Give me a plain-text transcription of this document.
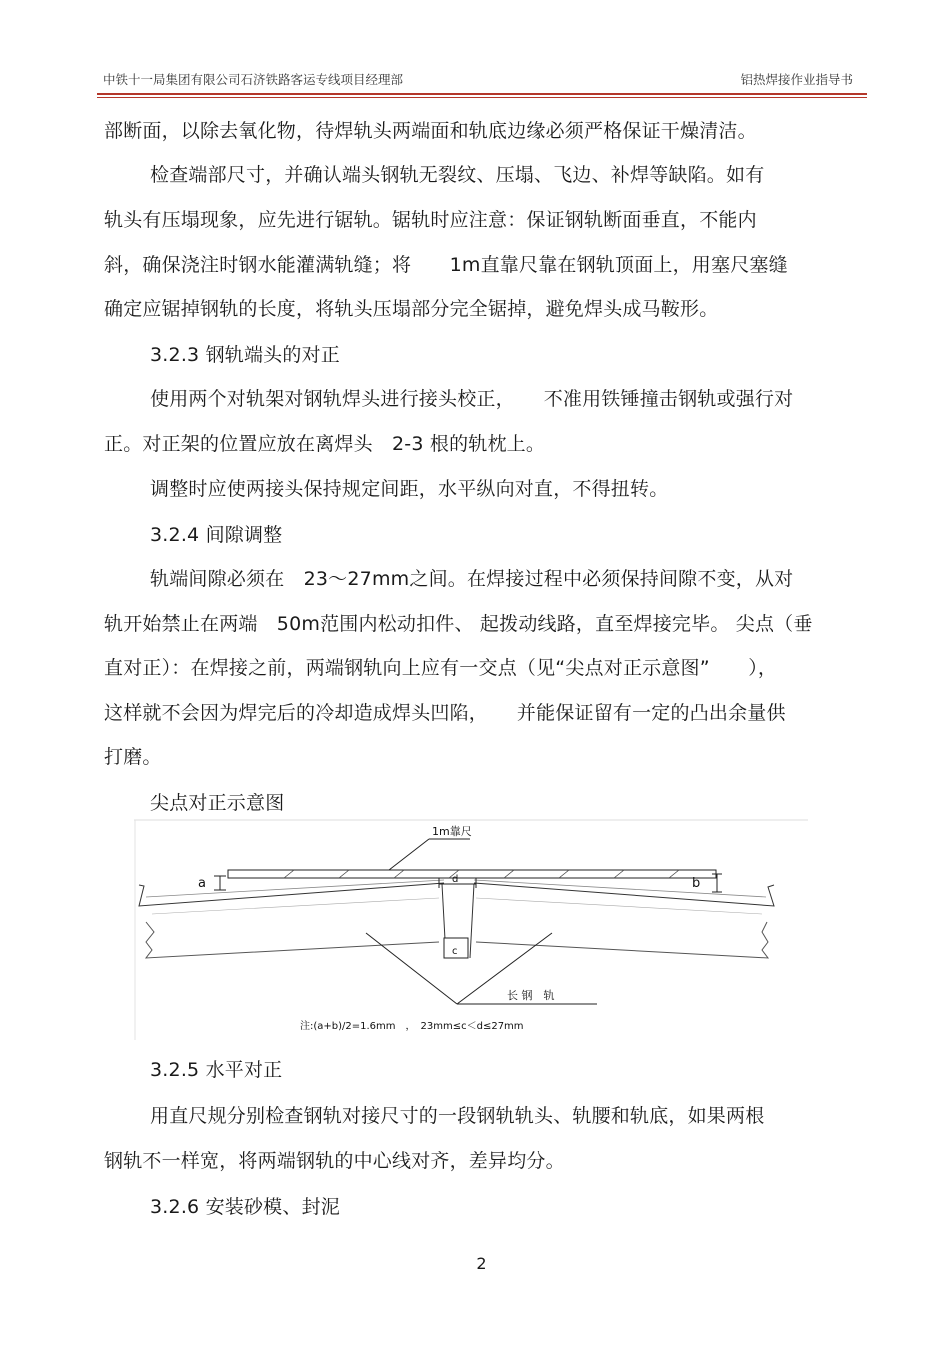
中铁十一局集团有限公司石济铁路客运专线项目经理部	铝热焊接作业指导书
部断面，以除去氧化物，待焊轨头两端面和轨底边缘必须严格保证干燥清洁。
检查端部尺寸，并确认端头钢轨无裂纹、压塌、飞边、补焊等缺陷。如有
轨头有压塌现象，应先进行锯轨。锯轨时应注意：保证钢轨断面垂直，不能内
斜，确保浇注时钢水能灌满轨缝；将　　1m直靠尺靠在钢轨顶面上，用塞尺塞缝
确定应锯掉钢轨的长度，将轨头压塌部分完全锯掉，避免焊头成马鞍形。
3.2.3 钢轨端头的对正
使用两个对轨架对钢轨焊头进行接头校正，　　不准用铁锤撞击钢轨或强行对
正。对正架的位置应放在离焊头　2-3 根的轨枕上。
调整时应使两接头保持规定间距，水平纵向对直，不得扭转。
3.2.4 间隙调整
轨端间隙必须在　23～27mm之间。在焊接过程中必须保持间隙不变，从对
轨开始禁止在两端　50m范围内松动扣件、 起拨动线路，直至焊接完毕。 尖点（垂
直对正）：在焊接之前，两端钢轨向上应有一交点（见“尖点对正示意图”　　），
这样就不会因为焊完后的冷却造成焊头凹陷，　　并能保证留有一定的凸出余量供
打磨。
尖点对正示意图
1m靠尺
d
c
a	b
长 钢　轨
注:(a+b)/2=1.6mm　，　23mm≤c＜d≤27mm
3.2.5 水平对正
用直尺规分别检查钢轨对接尺寸的一段钢轨轨头、轨腰和轨底，如果两根
钢轨不一样宽，将两端钢轨的中心线对齐，差异均分。
3.2.6 安装砂模、封泥
2
